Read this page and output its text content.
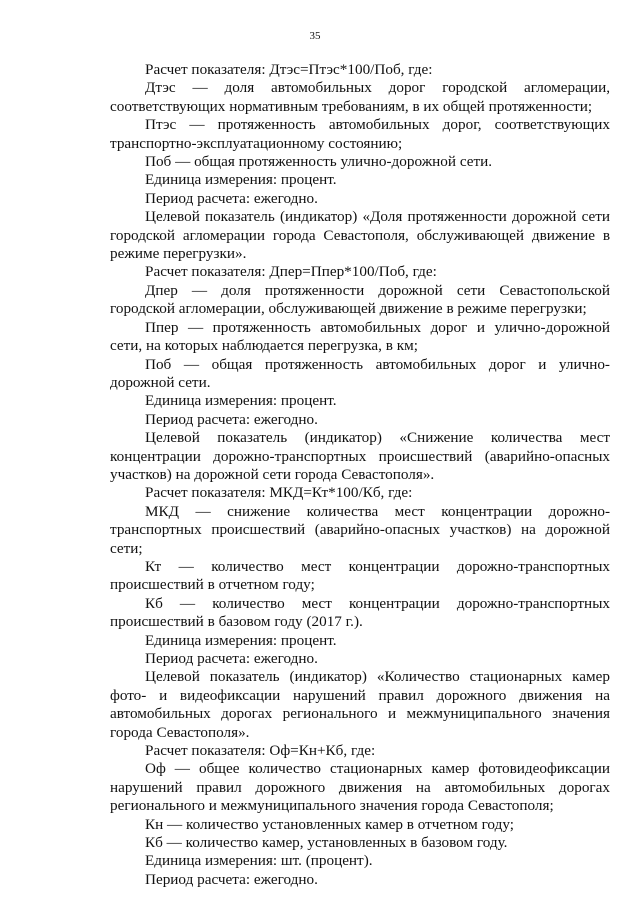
35

Расчет показателя: Дтэс=Птэс*100/Поб, где:

Дтэс — доля автомобильных дорог городской агломерации, соответствующих нормативным требованиям, в их общей протяженности;

Птэс — протяженность автомобильных дорог, соответствующих транспортно-эксплуатационному состоянию;

Поб — общая протяженность улично-дорожной сети.

Единица измерения: процент.

Период расчета: ежегодно.

Целевой показатель (индикатор) «Доля протяженности дорожной сети городской агломерации города Севастополя, обслуживающей движение в режиме перегрузки».

Расчет показателя: Дпер=Ппер*100/Поб, где:

Дпер — доля протяженности дорожной сети Севастопольской городской агломерации, обслуживающей движение в режиме перегрузки;

Ппер — протяженность автомобильных дорог и улично-дорожной сети, на которых наблюдается перегрузка, в км;

Поб — общая протяженность автомобильных дорог и улично-дорожной сети.

Единица измерения: процент.

Период расчета: ежегодно.

Целевой показатель (индикатор) «Снижение количества мест концентрации дорожно-транспортных происшествий (аварийно-опасных участков) на дорожной сети города Севастополя».

Расчет показателя: МКД=Кт*100/Кб, где:

МКД — снижение количества мест концентрации дорожно-транспортных происшествий (аварийно-опасных участков) на дорожной сети;

Кт — количество мест концентрации дорожно-транспортных происшествий в отчетном году;

Кб — количество мест концентрации дорожно-транспортных происшествий в базовом году (2017 г.).

Единица измерения: процент.

Период расчета: ежегодно.

Целевой показатель (индикатор) «Количество стационарных камер фото- и видеофиксации нарушений правил дорожного движения на автомобильных дорогах регионального и межмуниципального значения города Севастополя».

Расчет показателя: Оф=Кн+Кб, где:

Оф — общее количество стационарных камер фотовидеофиксации нарушений правил дорожного движения на автомобильных дорогах регионального и межмуниципального значения города Севастополя;

Кн — количество установленных камер в отчетном году;

Кб — количество камер, установленных в базовом году.

Единица измерения: шт. (процент).

Период расчета: ежегодно.
